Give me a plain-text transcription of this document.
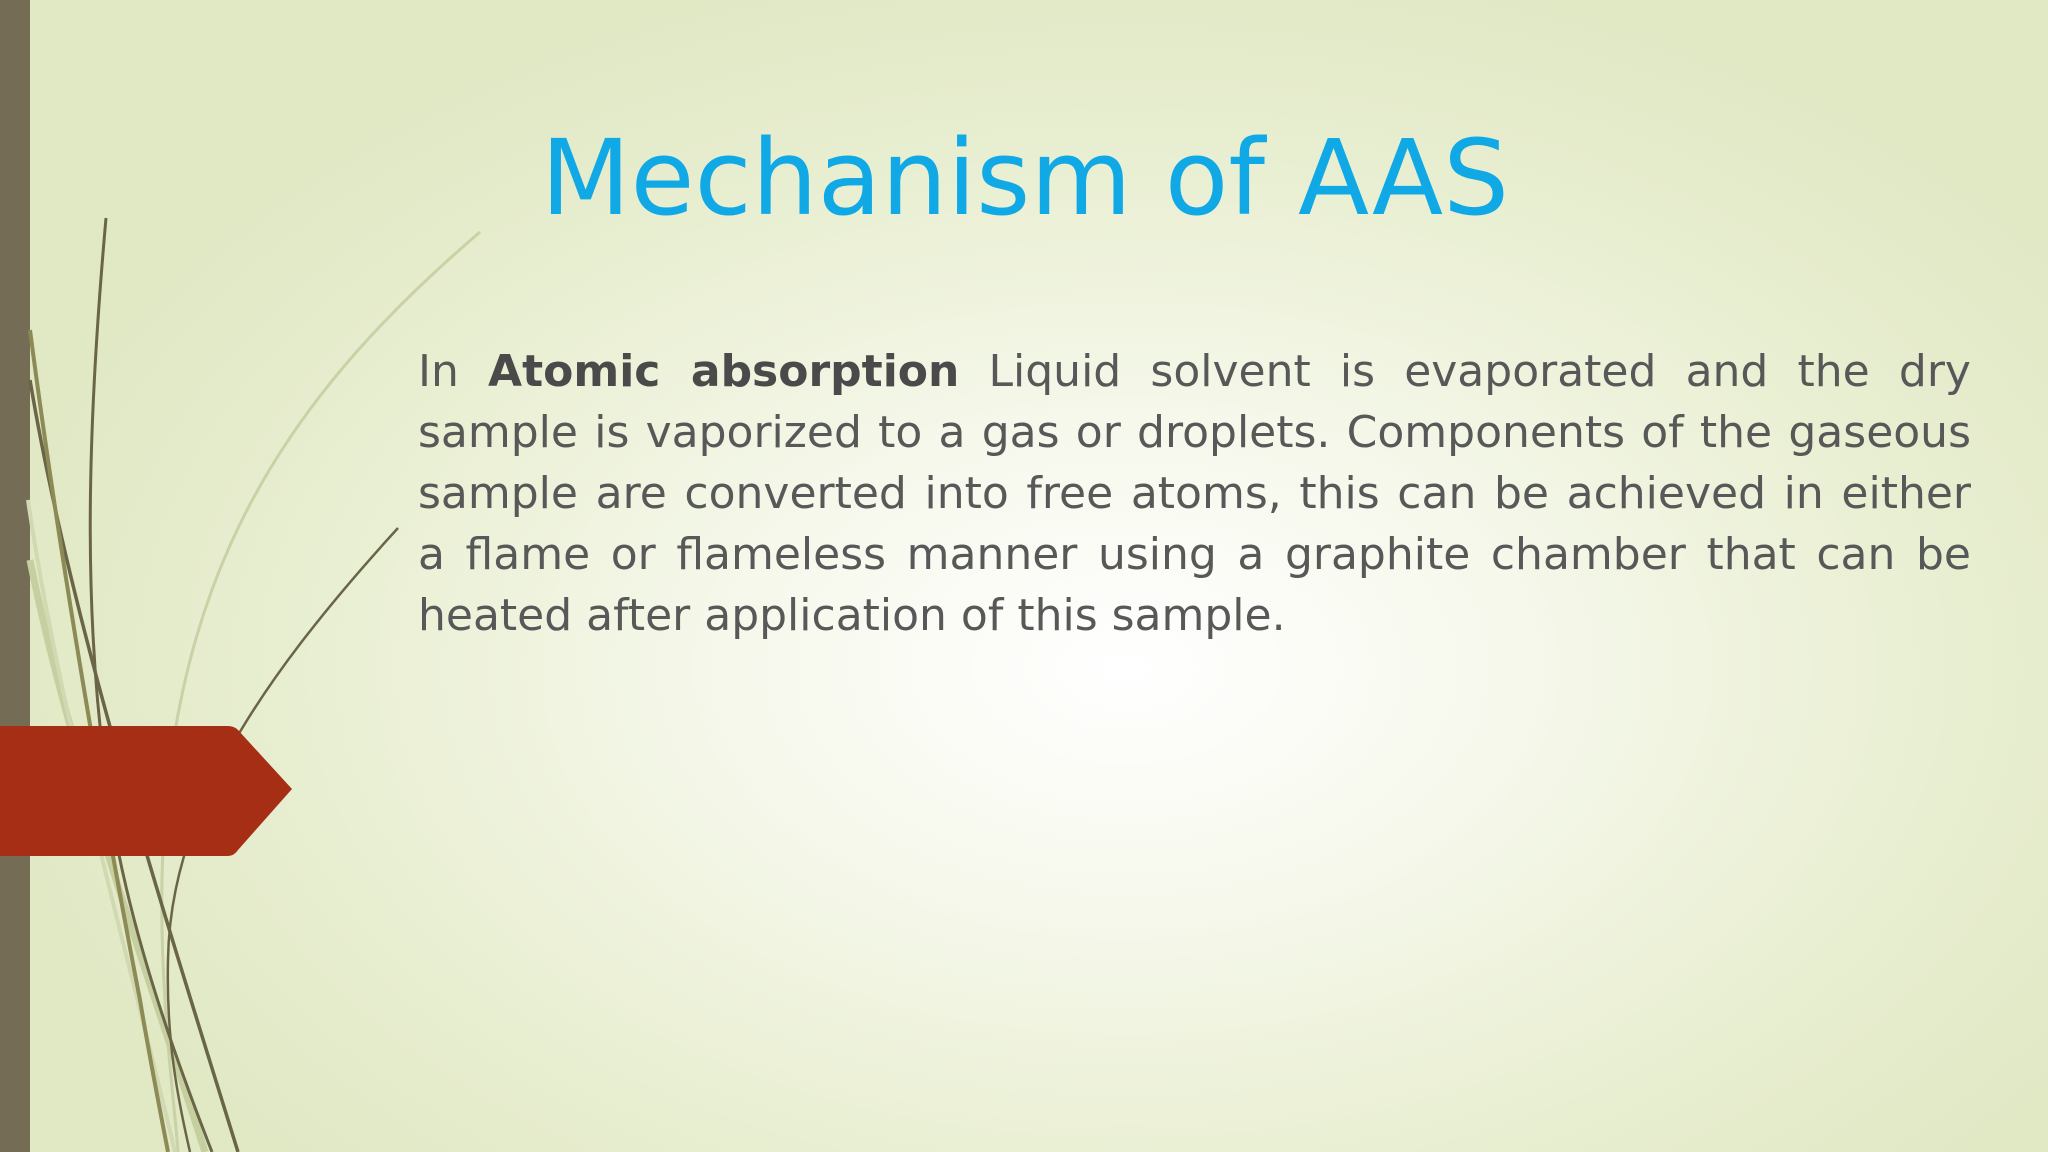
Mechanism of AAS

In Atomic absorption Liquid solvent is evaporated and the dry sample is vaporized to a gas or droplets. Components of the gaseous sample are converted into free atoms, this can be achieved in either a flame or flameless manner using a graphite chamber that can be heated after application of this sample.
